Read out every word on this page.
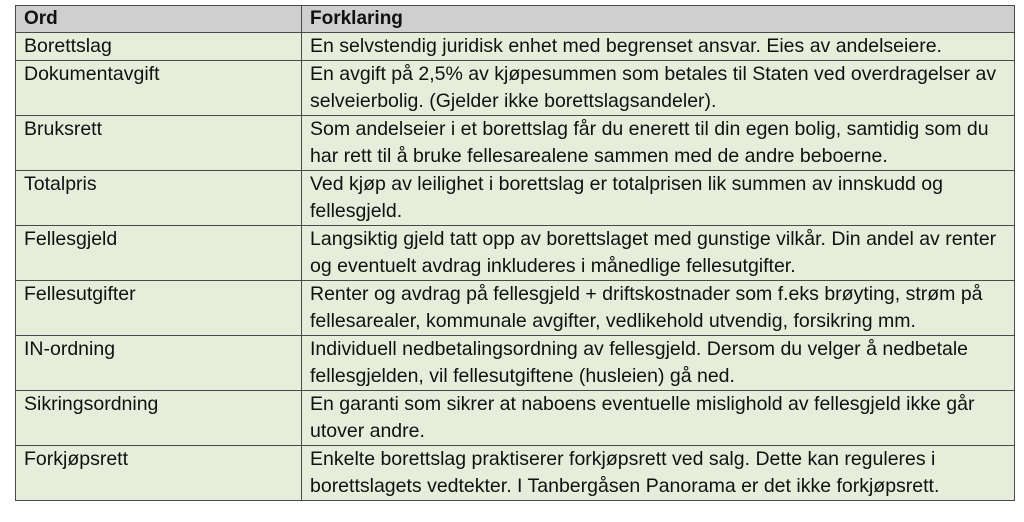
Ord	Forklaring
Borettslag	En selvstendig juridisk enhet med begrenset ansvar. Eies av andelseiere.
Dokumentavgift	En avgift på 2,5% av kjøpesummen som betales til Staten ved overdragelser av selveierbolig. (Gjelder ikke borettslagsandeler).
Bruksrett	Som andelseier i et borettslag får du enerett til din egen bolig, samtidig som du har rett til å bruke fellesarealene sammen med de andre beboerne.
Totalpris	Ved kjøp av leilighet i borettslag er totalprisen lik summen av innskudd og fellesgjeld.
Fellesgjeld	Langsiktig gjeld tatt opp av borettslaget med gunstige vilkår. Din andel av renter og eventuelt avdrag inkluderes i månedlige fellesutgifter.
Fellesutgifter	Renter og avdrag på fellesgjeld + driftskostnader som f.eks brøyting, strøm på fellesarealer, kommunale avgifter, vedlikehold utvendig, forsikring mm.
IN-ordning	Individuell nedbetalingsordning av fellesgjeld. Dersom du velger å nedbetale fellesgjelden, vil fellesutgiftene (husleien) gå ned.
Sikringsordning	En garanti som sikrer at naboens eventuelle mislighold av fellesgjeld ikke går utover andre.
Forkjøpsrett	Enkelte borettslag praktiserer forkjøpsrett ved salg. Dette kan reguleres i borettslagets vedtekter. I Tanbergåsen Panorama er det ikke forkjøpsrett.
